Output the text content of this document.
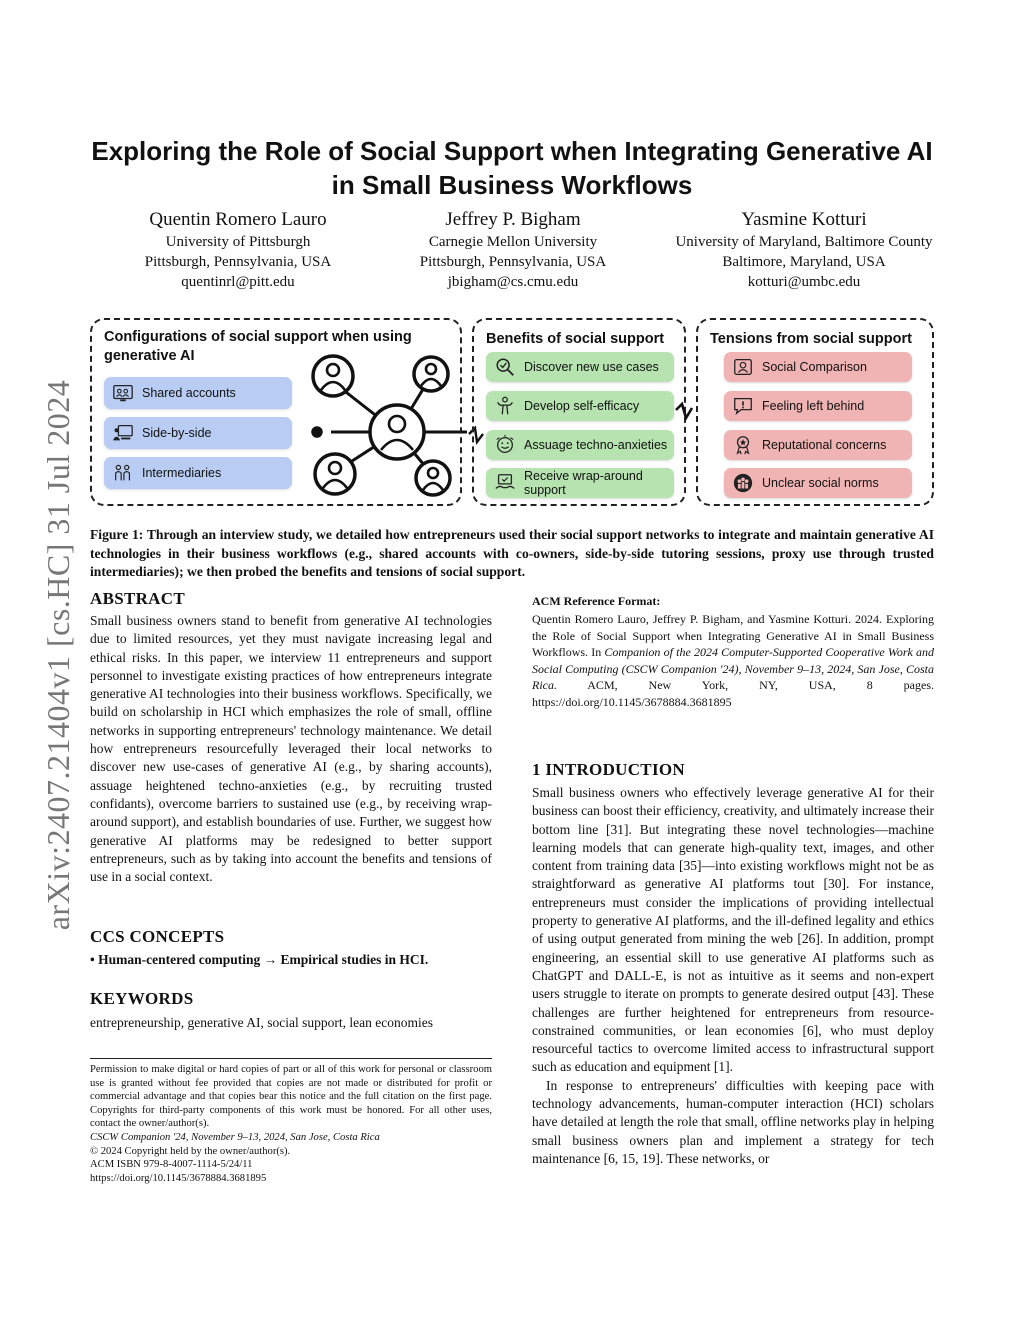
arXiv:2407.21404v1 [cs.HC] 31 Jul 2024
Exploring the Role of Social Support when Integrating Generative AI in Small Business Workflows
Quentin Romero Lauro
University of Pittsburgh
Pittsburgh, Pennsylvania, USA
quentinrl@pitt.edu
Jeffrey P. Bigham
Carnegie Mellon University
Pittsburgh, Pennsylvania, USA
jbigham@cs.cmu.edu
Yasmine Kotturi
University of Maryland, Baltimore County
Baltimore, Maryland, USA
kotturi@umbc.edu
Configurations of social support when using generative AI
Shared accounts
Side-by-side
Intermediaries
Benefits of social support
Discover new use cases
Develop self-efficacy
Assuage techno-anxieties
Receive wrap-around support
Tensions from social support
Social Comparison
Feeling left behind
Reputational concerns
Unclear social norms
Figure 1: Through an interview study, we detailed how entrepreneurs used their social support networks to integrate and maintain generative AI technologies in their business workflows (e.g., shared accounts with co-owners, side-by-side tutoring sessions, proxy use through trusted intermediaries); we then probed the benefits and tensions of social support.
ABSTRACT
Small business owners stand to benefit from generative AI technologies due to limited resources, yet they must navigate increasing legal and ethical risks. In this paper, we interview 11 entrepreneurs and support personnel to investigate existing practices of how entrepreneurs integrate generative AI technologies into their business workflows. Specifically, we build on scholarship in HCI which emphasizes the role of small, offline networks in supporting entrepreneurs' technology maintenance. We detail how entrepreneurs resourcefully leveraged their local networks to discover new use-cases of generative AI (e.g., by sharing accounts), assuage heightened techno-anxieties (e.g., by recruiting trusted confidants), overcome barriers to sustained use (e.g., by receiving wrap-around support), and establish boundaries of use. Further, we suggest how generative AI platforms may be redesigned to better support entrepreneurs, such as by taking into account the benefits and tensions of use in a social context.
CCS CONCEPTS
• Human-centered computing → Empirical studies in HCI.
KEYWORDS
entrepreneurship, generative AI, social support, lean economies
Permission to make digital or hard copies of part or all of this work for personal or classroom use is granted without fee provided that copies are not made or distributed for profit or commercial advantage and that copies bear this notice and the full citation on the first page. Copyrights for third-party components of this work must be honored. For all other uses, contact the owner/author(s).
CSCW Companion '24, November 9–13, 2024, San Jose, Costa Rica
© 2024 Copyright held by the owner/author(s).
ACM ISBN 979-8-4007-1114-5/24/11
https://doi.org/10.1145/3678884.3681895
ACM Reference Format:
Quentin Romero Lauro, Jeffrey P. Bigham, and Yasmine Kotturi. 2024. Exploring the Role of Social Support when Integrating Generative AI in Small Business Workflows. In Companion of the 2024 Computer-Supported Cooperative Work and Social Computing (CSCW Companion '24), November 9–13, 2024, San Jose, Costa Rica. ACM, New York, NY, USA, 8 pages. https://doi.org/10.1145/3678884.3681895
1 INTRODUCTION

Small business owners who effectively leverage generative AI for their business can boost their efficiency, creativity, and ultimately increase their bottom line [31]. But integrating these novel technologies—machine learning models that can generate high-quality text, images, and other content from training data [35]—into existing workflows might not be as straightforward as generative AI platforms tout [30]. For instance, entrepreneurs must consider the implications of providing intellectual property to generative AI platforms, and the ill-defined legality and ethics of using output generated from mining the web [26]. In addition, prompt engineering, an essential skill to use generative AI platforms such as ChatGPT and DALL-E, is not as intuitive as it seems and non-expert users struggle to iterate on prompts to generate desired output [43]. These challenges are further heightened for entrepreneurs from resource-constrained communities, or lean economies [6], who must deploy resourceful tactics to overcome limited access to infrastructural support such as education and equipment [1].

In response to entrepreneurs' difficulties with keeping pace with technology advancements, human-computer interaction (HCI) scholars have detailed at length the role that small, offline networks play in helping small business owners plan and implement a strategy for tech maintenance [6, 15, 19]. These networks, or
